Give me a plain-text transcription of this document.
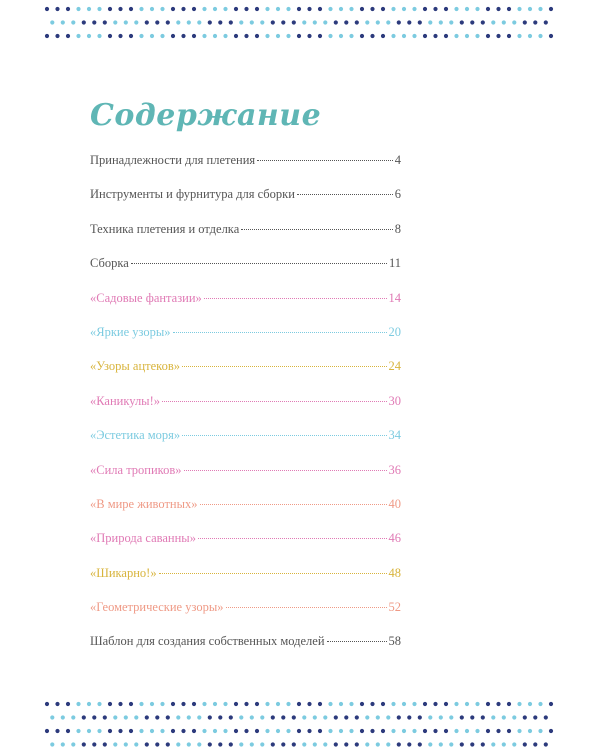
Содержание
Принадлежности для плетения	4
Инструменты и фурнитура для сборки	6
Техника плетения и отделка	8
Сборка	11
«Садовые фантазии»	14
«Яркие узоры»	20
«Узоры ацтеков»	24
«Каникулы!»	30
«Эстетика моря»	34
«Сила тропиков»	36
«В мире животных»	40
«Природа саванны»	46
«Шикарно!»	48
«Геометрические узоры»	52
Шаблон для создания собственных моделей	58
